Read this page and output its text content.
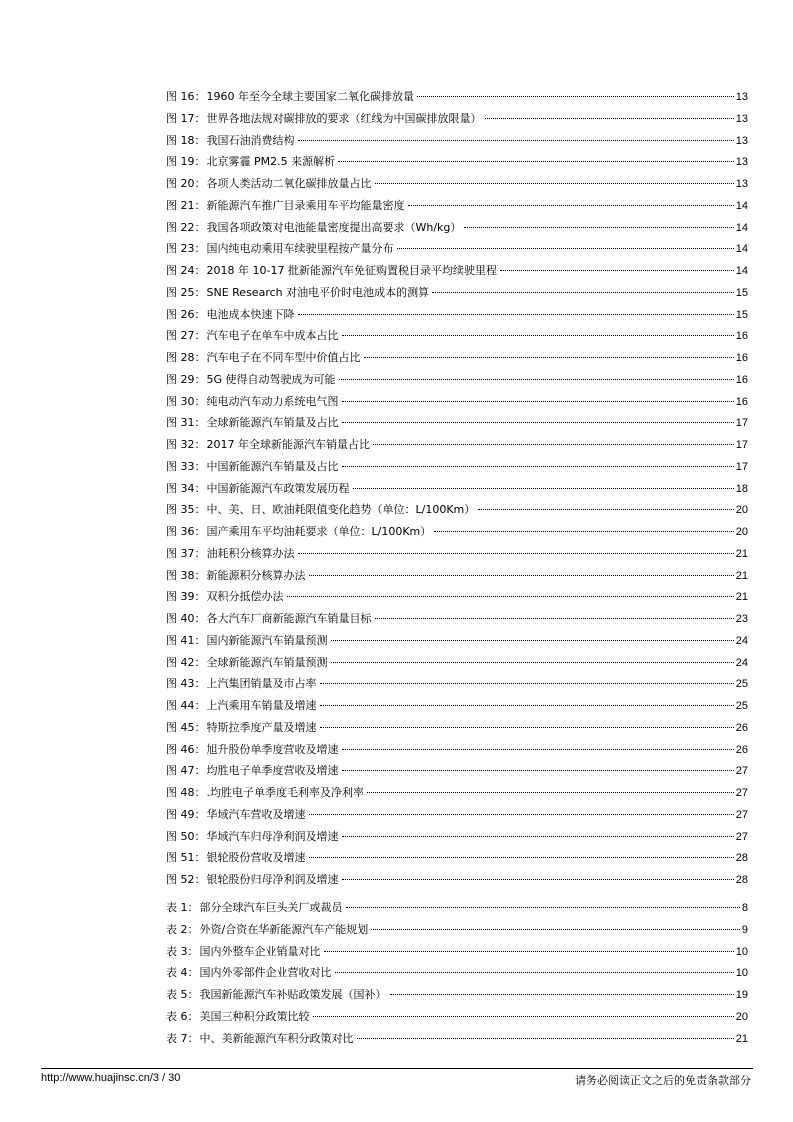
图 16：1960 年至今全球主要国家二氧化碳排放量	13
图 17：世界各地法规对碳排放的要求（红线为中国碳排放限量）	13
图 18：我国石油消费结构	13
图 19：北京雾霾 PM2.5 来源解析	13
图 20：各项人类活动二氧化碳排放量占比	13
图 21：新能源汽车推广目录乘用车平均能量密度	14
图 22：我国各项政策对电池能量密度提出高要求（Wh/kg）	14
图 23：国内纯电动乘用车续驶里程按产量分布	14
图 24：2018 年 10-17 批新能源汽车免征购置税目录平均续驶里程	14
图 25：SNE Research 对油电平价时电池成本的测算	15
图 26：电池成本快速下降	15
图 27：汽车电子在单车中成本占比	16
图 28：汽车电子在不同车型中价值占比	16
图 29：5G 使得自动驾驶成为可能	16
图 30：纯电动汽车动力系统电气图	16
图 31：全球新能源汽车销量及占比	17
图 32：2017 年全球新能源汽车销量占比	17
图 33：中国新能源汽车销量及占比	17
图 34：中国新能源汽车政策发展历程	18
图 35：中、美、日、欧油耗限值变化趋势（单位：L/100Km）	20
图 36：国产乘用车平均油耗要求（单位：L/100Km）	20
图 37：油耗积分核算办法	21
图 38：新能源积分核算办法	21
图 39：双积分抵偿办法	21
图 40：各大汽车厂商新能源汽车销量目标	23
图 41：国内新能源汽车销量预测	24
图 42：全球新能源汽车销量预测	24
图 43：上汽集团销量及市占率	25
图 44：上汽乘用车销量及增速	25
图 45：特斯拉季度产量及增速	26
图 46：旭升股份单季度营收及增速	26
图 47：均胜电子单季度营收及增速	27
图 48：.均胜电子单季度毛利率及净利率	27
图 49：华域汽车营收及增速	27
图 50：华域汽车归母净利润及增速	27
图 51：银轮股份营收及增速	28
图 52：银轮股份归母净利润及增速	28
表 1：部分全球汽车巨头关厂或裁员	8
表 2：外资/合资在华新能源汽车产能规划	9
表 3：国内外整车企业销量对比	10
表 4：国内外零部件企业营收对比	10
表 5：我国新能源汽车补贴政策发展（国补）	19
表 6：美国三种积分政策比较	20
表 7：中、美新能源汽车积分政策对比	21
http://www.huajinsc.cn/3 / 30	请务必阅读正文之后的免责条款部分
